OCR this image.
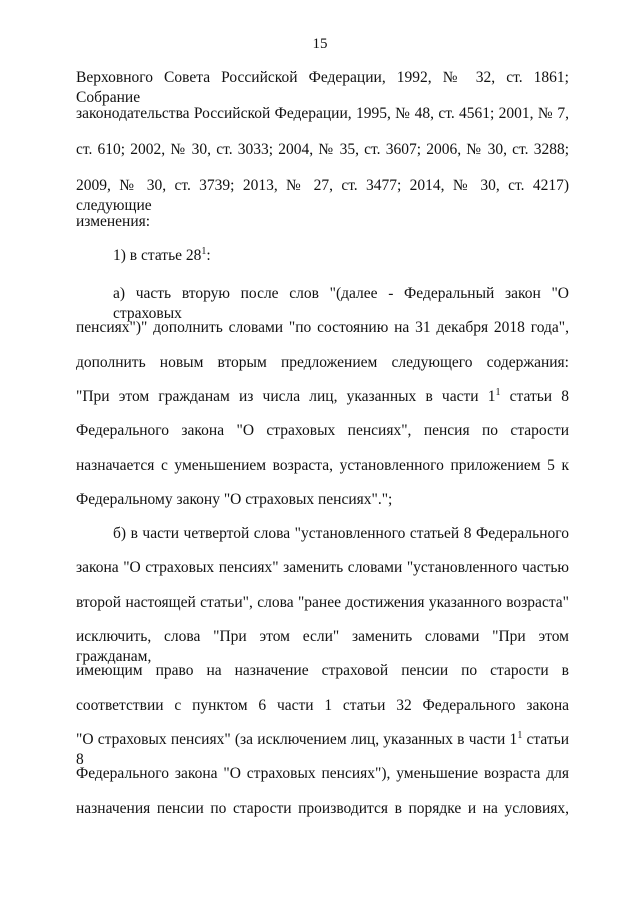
15
Верховного Совета Российской Федерации, 1992, № 32, ст. 1861; Собрание
законодательства Российской Федерации, 1995, № 48, ст. 4561; 2001, № 7,
ст. 610; 2002, № 30, ст. 3033; 2004, № 35, ст. 3607; 2006, № 30, ст. 3288;
2009, № 30, ст. 3739; 2013, № 27, ст. 3477; 2014, № 30, ст. 4217) следующие
изменения:
1) в статье $28^1$:
а) часть вторую после слов "(далее - Федеральный закон "О страховых
пенсиях")" дополнить словами "по состоянию на 31 декабря 2018 года",
дополнить новым вторым предложением следующего содержания:
"При этом гражданам из числа лиц, указанных в части $1^1$ статьи 8
Федерального закона "О страховых пенсиях", пенсия по старости
назначается с уменьшением возраста, установленного приложением 5 к
Федеральному закону "О страховых пенсиях".";
б) в части четвертой слова "установленного статьей 8 Федерального
закона "О страховых пенсиях" заменить словами "установленного частью
второй настоящей статьи", слова "ранее достижения указанного возраста"
исключить, слова "При этом если" заменить словами "При этом гражданам,
имеющим право на назначение страховой пенсии по старости в
соответствии с пунктом 6 части 1 статьи 32 Федерального закона
"О страховых пенсиях" (за исключением лиц, указанных в части $1^1$ статьи 8
Федерального закона "О страховых пенсиях"), уменьшение возраста для
назначения пенсии по старости производится в порядке и на условиях,
